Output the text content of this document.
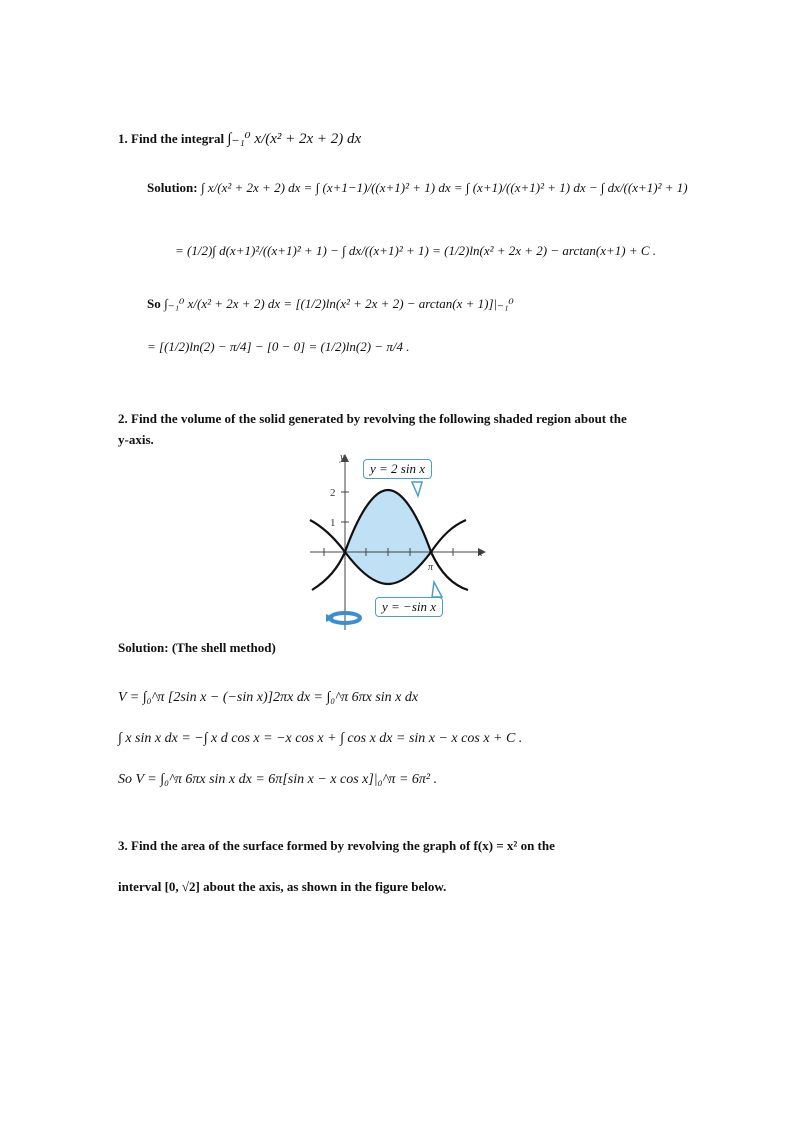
1. Find the integral ∫₋₁⁰ x/(x² + 2x + 2) dx
Solution: ∫ x/(x² + 2x + 2) dx = ∫ (x+1−1)/((x+1)² + 1) dx = ∫ (x+1)/((x+1)² + 1) dx − ∫ dx/((x+1)² + 1)
= (1/2)∫ d(x+1)²/((x+1)² + 1) − ∫ dx/((x+1)² + 1) = (1/2)ln(x² + 2x + 2) − arctan(x+1) + C .
So ∫₋₁⁰ x/(x² + 2x + 2) dx = [(1/2)ln(x² + 2x + 2) − arctan(x + 1)]|₋₁⁰
= [(1/2)ln(2) − π/4] − [0 − 0] = (1/2)ln(2) − π/4 .
2. Find the volume of the solid generated by revolving the following shaded region about the
y-axis.
y
x
2
1
π
y = 2 sin x
y = −sin x
Solution: (The shell method)
V = ∫₀^π [2sin x − (−sin x)]2πx dx = ∫₀^π 6πx sin x dx
∫ x sin x dx = −∫ x d cos x = −x cos x + ∫ cos x dx = sin x − x cos x + C .
So V = ∫₀^π 6πx sin x dx = 6π[sin x − x cos x]|₀^π = 6π² .
3. Find the area of the surface formed by revolving the graph of f(x) = x² on the
interval [0, √2] about the axis, as shown in the figure below.
